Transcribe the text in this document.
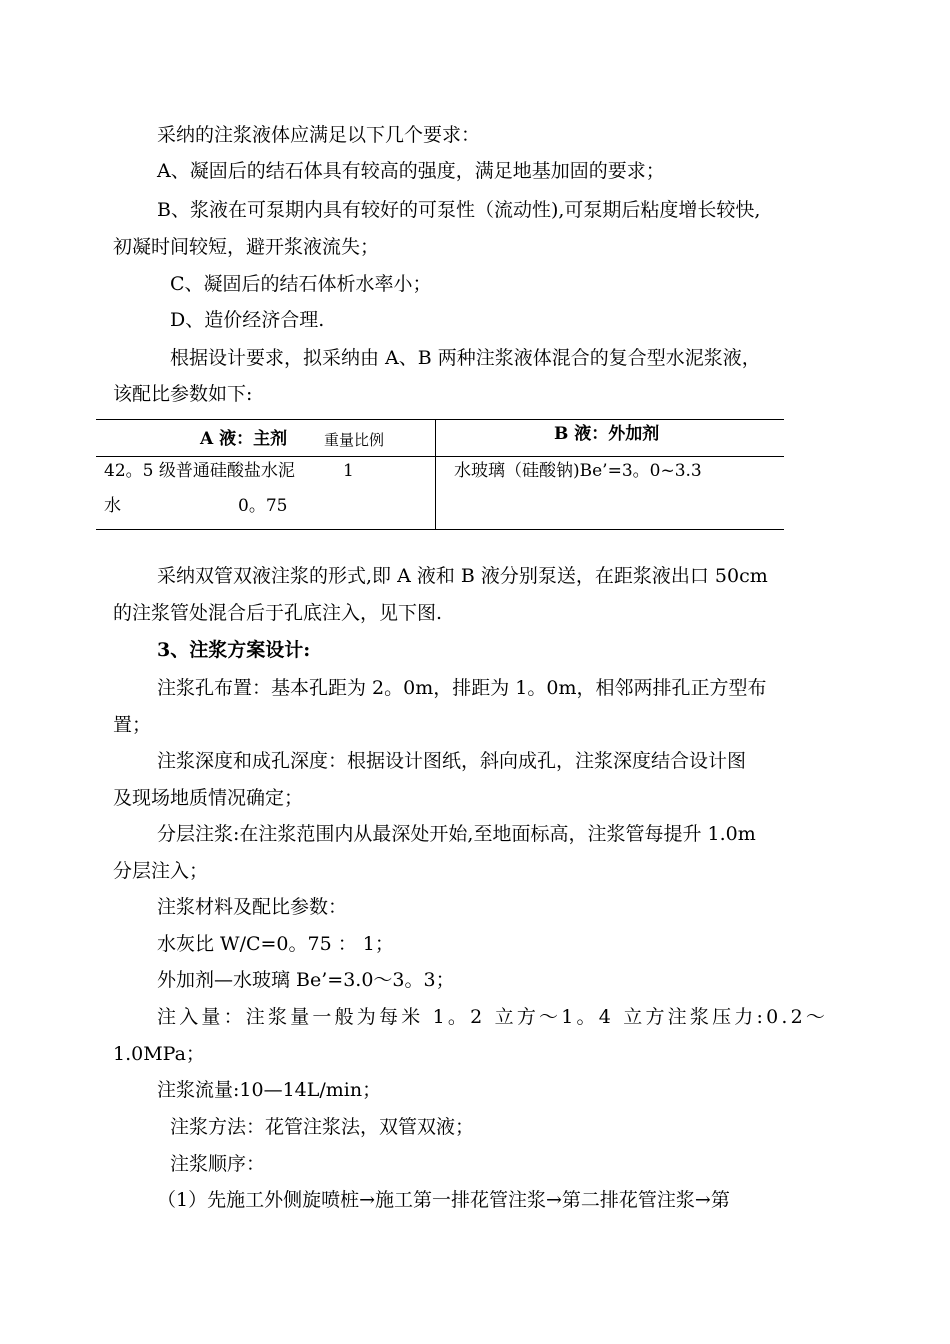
采纳的注浆液体应满足以下几个要求：
A、凝固后的结石体具有较高的强度，满足地基加固的要求；
B、浆液在可泵期内具有较好的可泵性（流动性),可泵期后粘度增长较快,
初凝时间较短，避开浆液流失；
C、凝固后的结石体析水率小；
D、造价经济合理.
根据设计要求，拟采纳由 A、B 两种注浆液体混合的复合型水泥浆液，
该配比参数如下:
A 液：主剂 重量比例	B 液：外加剂
42。5 级普通硅酸盐水泥
水
1
0。75
水玻璃（硅酸钠)Be’=3。0~3.3
采纳双管双液注浆的形式,即 A 液和 B 液分别泵送，在距浆液出口 50cm
的注浆管处混合后于孔底注入，见下图.
3、注浆方案设计:
注浆孔布置：基本孔距为 2。0m，排距为 1。0m，相邻两排孔正方型布
置；
注浆深度和成孔深度：根据设计图纸，斜向成孔，注浆深度结合设计图
及现场地质情况确定；
分层注浆:在注浆范围内从最深处开始,至地面标高，注浆管每提升 1.0m
分层注入；
注浆材料及配比参数：
水灰比 W/C=0。75 ： 1；
外加剂—水玻璃 Be’=3.0～3。3；
注入量：注浆量一般为每米 1。2 立方～1。4 立方注浆压力:0.2～
1.0MPa；
注浆流量:10—14L/min；
注浆方法：花管注浆法，双管双液；
注浆顺序：
（1）先施工外侧旋喷桩→施工第一排花管注浆→第二排花管注浆→第
